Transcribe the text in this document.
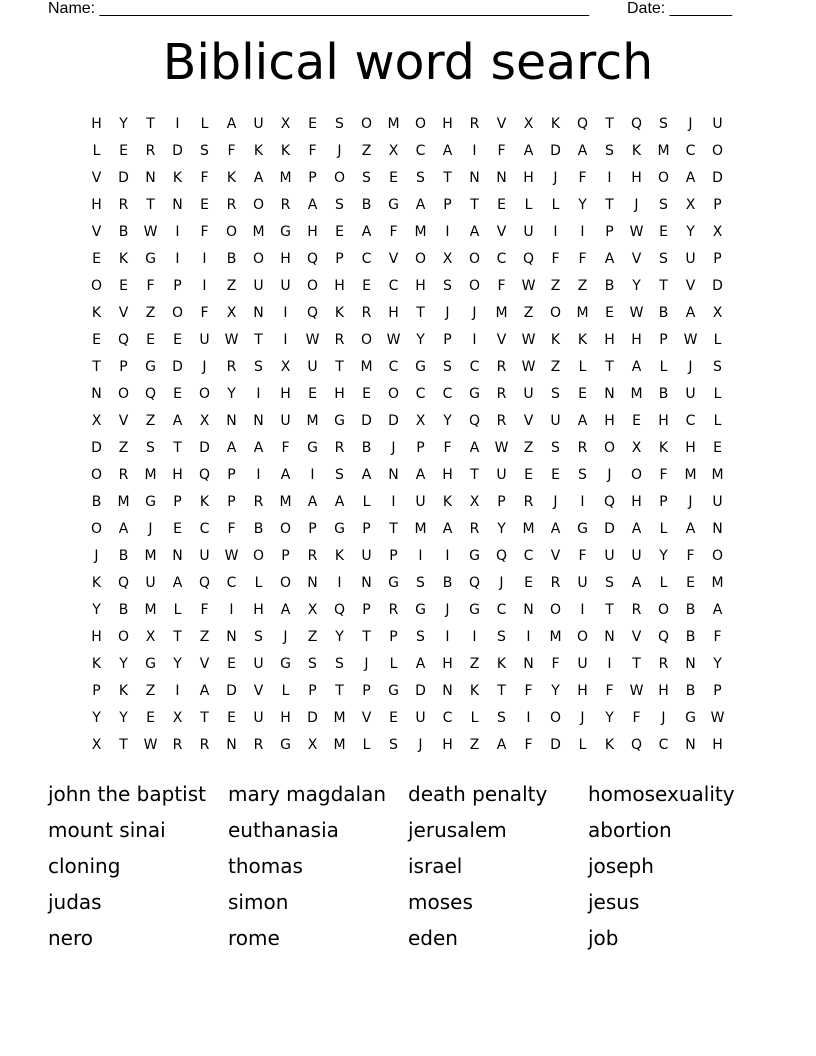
Name: _______________________________________________________ Date: _______
Biblical word search
H	Y	T	I	L	A	U	X	E	S	O	M	O	H	R	V	X	K	Q	T	Q	S	J	U
L	E	R	D	S	F	K	K	F	J	Z	X	C	A	I	F	A	D	A	S	K	M	C	O
V	D	N	K	F	K	A	M	P	O	S	E	S	T	N	N	H	J	F	I	H	O	A	D
H	R	T	N	E	R	O	R	A	S	B	G	A	P	T	E	L	L	Y	T	J	S	X	P
V	B	W	I	F	O	M	G	H	E	A	F	M	I	A	V	U	I	I	P	W	E	Y	X
E	K	G	I	I	B	O	H	Q	P	C	V	O	X	O	C	Q	F	F	A	V	S	U	P
O	E	F	P	I	Z	U	U	O	H	E	C	H	S	O	F	W	Z	Z	B	Y	T	V	D
K	V	Z	O	F	X	N	I	Q	K	R	H	T	J	J	M	Z	O	M	E	W	B	A	X
E	Q	E	E	U	W	T	I	W	R	O	W	Y	P	I	V	W	K	K	H	H	P	W	L
T	P	G	D	J	R	S	X	U	T	M	C	G	S	C	R	W	Z	L	T	A	L	J	S
N	O	Q	E	O	Y	I	H	E	H	E	O	C	C	G	R	U	S	E	N	M	B	U	L
X	V	Z	A	X	N	N	U	M	G	D	D	X	Y	Q	R	V	U	A	H	E	H	C	L
D	Z	S	T	D	A	A	F	G	R	B	J	P	F	A	W	Z	S	R	O	X	K	H	E
O	R	M	H	Q	P	I	A	I	S	A	N	A	H	T	U	E	E	S	J	O	F	M	M
B	M	G	P	K	P	R	M	A	A	L	I	U	K	X	P	R	J	I	Q	H	P	J	U
O	A	J	E	C	F	B	O	P	G	P	T	M	A	R	Y	M	A	G	D	A	L	A	N
J	B	M	N	U	W	O	P	R	K	U	P	I	I	G	Q	C	V	F	U	U	Y	F	O
K	Q	U	A	Q	C	L	O	N	I	N	G	S	B	Q	J	E	R	U	S	A	L	E	M
Y	B	M	L	F	I	H	A	X	Q	P	R	G	J	G	C	N	O	I	T	R	O	B	A
H	O	X	T	Z	N	S	J	Z	Y	T	P	S	I	I	S	I	M	O	N	V	Q	B	F
K	Y	G	Y	V	E	U	G	S	S	J	L	A	H	Z	K	N	F	U	I	T	R	N	Y
P	K	Z	I	A	D	V	L	P	T	P	G	D	N	K	T	F	Y	H	F	W	H	B	P
Y	Y	E	X	T	E	U	H	D	M	V	E	U	C	L	S	I	O	J	Y	F	J	G	W
X	T	W	R	R	N	R	G	X	M	L	S	J	H	Z	A	F	D	L	K	Q	C	N	H
john the baptist	mary magdalan	death penalty	homosexuality
mount sinai	euthanasia	jerusalem	abortion
cloning	thomas	israel	joseph
judas	simon	moses	jesus
nero	rome	eden	job
